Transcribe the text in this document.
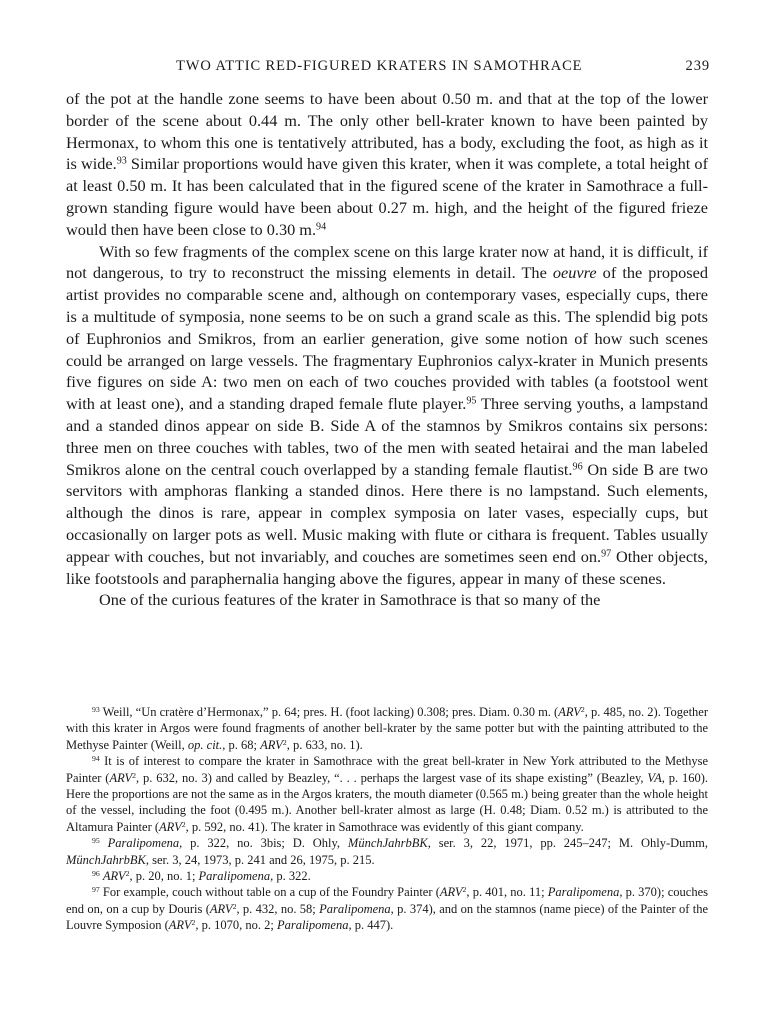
TWO ATTIC RED-FIGURED KRATERS IN SAMOTHRACE	239

of the pot at the handle zone seems to have been about 0.50 m. and that at the top of the lower border of the scene about 0.44 m. The only other bell-krater known to have been painted by Hermonax, to whom this one is tentatively attributed, has a body, excluding the foot, as high as it is wide.$^{93}$ Similar proportions would have given this krater, when it was complete, a total height of at least 0.50 m. It has been calculated that in the figured scene of the krater in Samothrace a full-grown standing figure would have been about 0.27 m. high, and the height of the figured frieze would then have been close to 0.30 m.$^{94}$

With so few fragments of the complex scene on this large krater now at hand, it is difficult, if not dangerous, to try to reconstruct the missing elements in detail. The oeuvre of the proposed artist provides no comparable scene and, although on contemporary vases, especially cups, there is a multitude of symposia, none seems to be on such a grand scale as this. The splendid big pots of Euphronios and Smikros, from an earlier generation, give some notion of how such scenes could be arranged on large vessels. The fragmentary Euphronios calyx-krater in Munich presents five figures on side A: two men on each of two couches provided with tables (a footstool went with at least one), and a standing draped female flute player.$^{95}$ Three serving youths, a lampstand and a standed dinos appear on side B. Side A of the stamnos by Smikros contains six persons: three men on three couches with tables, two of the men with seated hetairai and the man labeled Smikros alone on the central couch overlapped by a standing female flautist.$^{96}$ On side B are two servitors with amphoras flanking a standed dinos. Here there is no lampstand. Such elements, although the dinos is rare, appear in complex symposia on later vases, especially cups, but occasionally on larger pots as well. Music making with flute or cithara is frequent. Tables usually appear with couches, but not invariably, and couches are sometimes seen end on.$^{97}$ Other objects, like footstools and paraphernalia hanging above the figures, appear in many of these scenes.

One of the curious features of the krater in Samothrace is that so many of the

$^{93}$ Weill, “Un cratère d’Hermonax,” p. 64; pres. H. (foot lacking) 0.308; pres. Diam. 0.30 m. (ARV$^2$, p. 485, no. 2). Together with this krater in Argos were found fragments of another bell-krater by the same potter but with the painting attributed to the Methyse Painter (Weill, op. cit., p. 68; ARV$^2$, p. 633, no. 1).

$^{94}$ It is of interest to compare the krater in Samothrace with the great bell-krater in New York attributed to the Methyse Painter (ARV$^2$, p. 632, no. 3) and called by Beazley, “. . . perhaps the largest vase of its shape existing” (Beazley, VA, p. 160). Here the proportions are not the same as in the Argos kraters, the mouth diameter (0.565 m.) being greater than the whole height of the vessel, including the foot (0.495 m.). Another bell-krater almost as large (H. 0.48; Diam. 0.52 m.) is attributed to the Altamura Painter (ARV$^2$, p. 592, no. 41). The krater in Samothrace was evidently of this giant company.

$^{95}$ Paralipomena, p. 322, no. 3bis; D. Ohly, MünchJahrbBK, ser. 3, 22, 1971, pp. 245–247; M. Ohly-Dumm, MünchJahrbBK, ser. 3, 24, 1973, p. 241 and 26, 1975, p. 215.

$^{96}$ ARV$^2$, p. 20, no. 1; Paralipomena, p. 322.

$^{97}$ For example, couch without table on a cup of the Foundry Painter (ARV$^2$, p. 401, no. 11; Paralipomena, p. 370); couches end on, on a cup by Douris (ARV$^2$, p. 432, no. 58; Paralipomena, p. 374), and on the stamnos (name piece) of the Painter of the Louvre Symposion (ARV$^2$, p. 1070, no. 2; Paralipomena, p. 447).
